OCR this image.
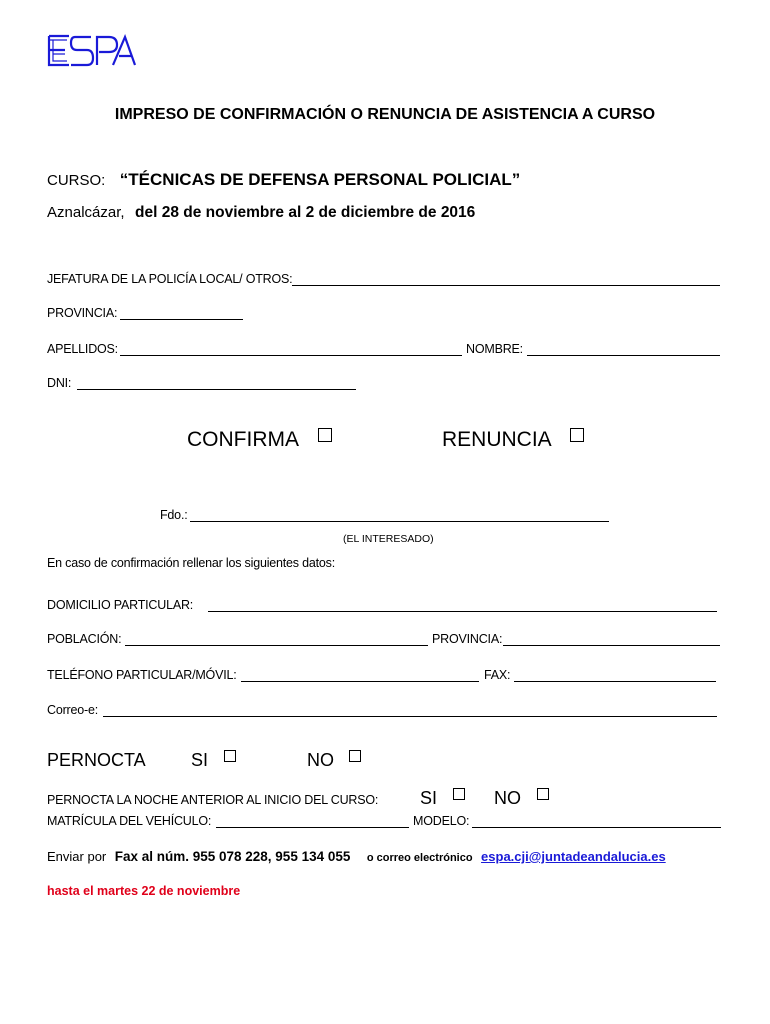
IMPRESO DE CONFIRMACIÓN O RENUNCIA DE ASISTENCIA A CURSO
CURSO: “TÉCNICAS DE DEFENSA PERSONAL POLICIAL”
Aznalcázar, del 28 de noviembre al 2 de diciembre de 2016
JEFATURA DE LA POLICÍA LOCAL/ OTROS:
PROVINCIA:
APELLIDOS:	NOMBRE:
DNI:
CONFIRMA	RENUNCIA
Fdo.:
(EL INTERESADO)
En caso de confirmación rellenar los siguientes datos:
DOMICILIO PARTICULAR:
POBLACIÓN:	PROVINCIA:
TELÉFONO PARTICULAR/MÓVIL:	FAX:
Correo-e:
PERNOCTA	SI	NO
PERNOCTA LA NOCHE ANTERIOR AL INICIO DEL CURSO: SI	NO
MATRÍCULA DEL VEHÍCULO:	MODELO:
Enviar por Fax al núm. 955 078 228, 955 134 055 o correo electrónico espa.cji@juntadeandalucia.es
hasta el martes 22 de noviembre
